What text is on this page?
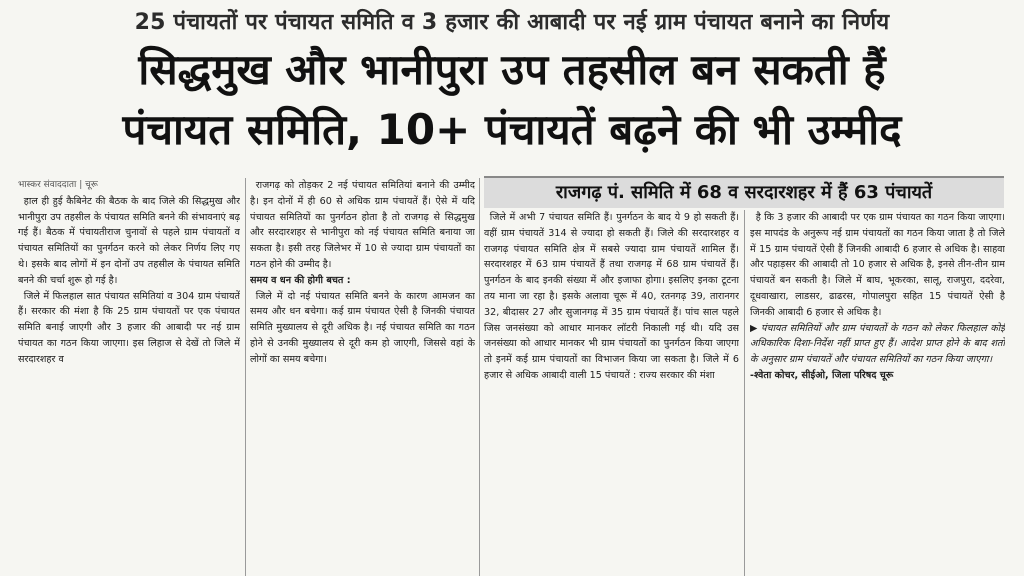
25 पंचायतों पर पंचायत समिति व 3 हजार की आबादी पर नई ग्राम पंचायत बनाने का निर्णय
सिद्धमुख और भानीपुरा उप तहसील बन सकती हैं
पंचायत समिति, 10+ पंचायतें बढ़ने की भी उम्मीद

भास्कर संवाददाता | चूरू

हाल ही हुई कैबिनेट की बैठक के बाद जिले की सिद्धमुख और भानीपुरा उप तहसील के पंचायत समिति बनने की संभावनाएं बढ़ गई हैं। बैठक में पंचायतीराज चुनावों से पहले ग्राम पंचायतों व पंचायत समितियों का पुनर्गठन करने को लेकर निर्णय लिए गए थे। इसके बाद लोगों में इन दोनों उप तहसील के पंचायत समिति बनने की चर्चा शुरू हो गई है।

जिले में फिलहाल सात पंचायत समितियां व 304 ग्राम पंचायतें हैं। सरकार की मंशा है कि 25 ग्राम पंचायतों पर एक पंचायत समिति बनाई जाएगी और 3 हजार की आबादी पर नई ग्राम पंचायत का गठन किया जाएगा। इस लिहाज से देखें तो जिले में सरदारशहर व

राजगढ़ को तोड़कर 2 नई पंचायत समितियां बनाने की उम्मीद है। इन दोनों में ही 60 से अधिक ग्राम पंचायतें हैं। ऐसे में यदि पंचायत समितियों का पुनर्गठन होता है तो राजगढ़ से सिद्धमुख और सरदारशहर से भानीपुरा को नई पंचायत समिति बनाया जा सकता है। इसी तरह जिलेभर में 10 से ज्यादा ग्राम पंचायतों का गठन होने की उम्मीद है।

समय व धन की होगी बचत :

जिले में दो नई पंचायत समिति बनने के कारण आमजन का समय और धन बचेगा। कई ग्राम पंचायत ऐसी है जिनकी पंचायत समिति मुख्यालय से दूरी अधिक है। नई पंचायत समिति का गठन होने से उनकी मुख्यालय से दूरी कम हो जाएगी, जिससे वहां के लोगों का समय बचेगा।

राजगढ़ पं. समिति में 68 व सरदारशहर में हैं 63 पंचायतें

जिले में अभी 7 पंचायत समिति हैं। पुनर्गठन के बाद ये 9 हो सकती हैं। वहीं ग्राम पंचायतें 314 से ज्यादा हो सकती हैं। जिले की सरदारशहर व राजगढ़ पंचायत समिति क्षेत्र में सबसे ज्यादा ग्राम पंचायतें शामिल हैं। सरदारशहर में 63 ग्राम पंचायतें हैं तथा राजगढ़ में 68 ग्राम पंचायतें हैं। पुनर्गठन के बाद इनकी संख्या में और इजाफा होगा। इसलिए इनका टूटना तय माना जा रहा है। इसके अलावा चूरू में 40, रतनगढ़ 39, तारानगर 32, बीदासर 27 और सुजानगढ़ में 35 ग्राम पंचायतें हैं। पांच साल पहले जिस जनसंख्या को आधार मानकर लॉटरी निकाली गई थी। यदि उस जनसंख्या को आधार मानकर भी ग्राम पंचायतों का पुनर्गठन किया जाएगा तो इनमें कई ग्राम पंचायतों का विभाजन किया जा सकता है। जिले में 6 हजार से अधिक आबादी वाली 15 पंचायतें : राज्य सरकार की मंशा

है कि 3 हजार की आबादी पर एक ग्राम पंचायत का गठन किया जाएगा। इस मापदंड के अनुरूप नई ग्राम पंचायतों का गठन किया जाता है तो जिले में 15 ग्राम पंचायतें ऐसी हैं जिनकी आबादी 6 हजार से अधिक है। साहवा और पहाड़सर की आबादी तो 10 हजार से अधिक है, इनसे तीन-तीन ग्राम पंचायतें बन सकती है। जिले में बाघ, भूकरका, सालू, राजपुरा, ददरेवा, दूधवाखारा, लाडसर, ढाढरस, गोपालपुरा सहित 15 पंचायतें ऐसी है जिनकी आबादी 6 हजार से अधिक है।

▶ पंचायत समितियों और ग्राम पंचायतों के गठन को लेकर फिलहाल कोई अधिकारिक दिशा-निर्देश नहीं प्राप्त हुए हैं। आदेश प्राप्त होने के बाद शर्तों के अनुसार ग्राम पंचायतें और पंचायत समितियों का गठन किया जाएगा।

-श्वेता कोचर, सीईओ, जिला परिषद चूरू
